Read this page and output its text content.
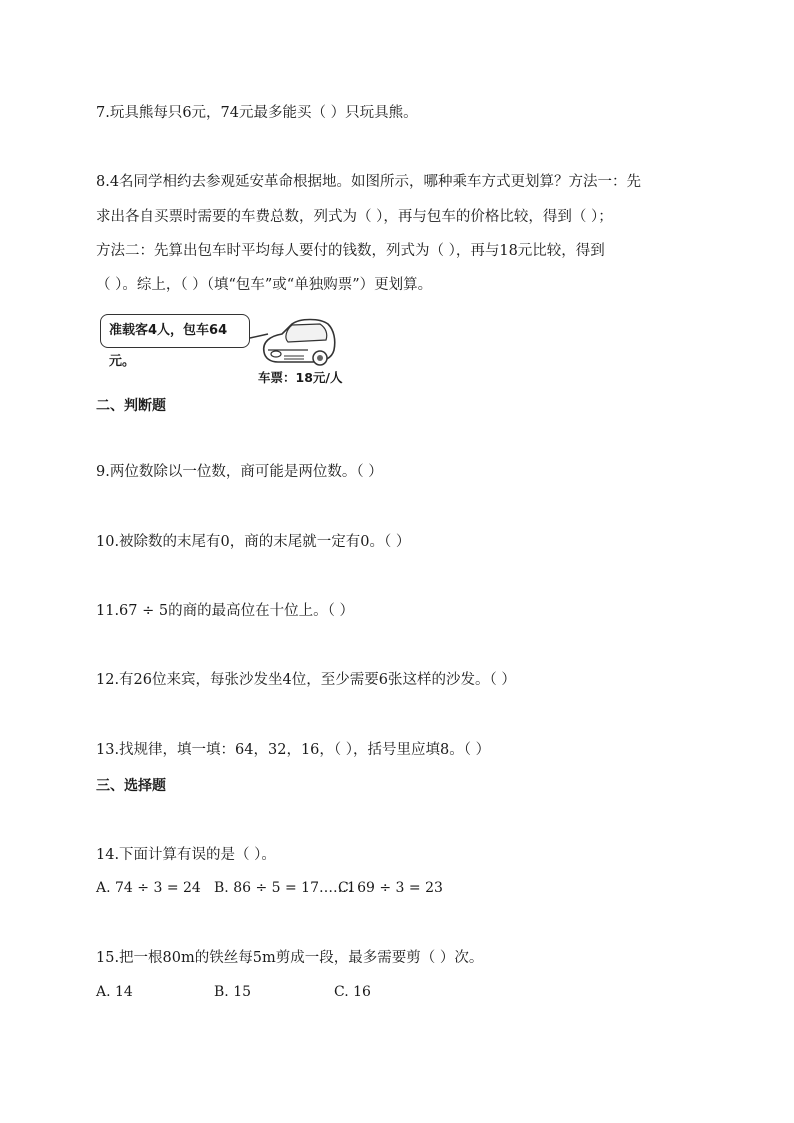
7.玩具熊每只6元，74元最多能买（ ）只玩具熊。
8.4名同学相约去参观延安革命根据地。如图所示，哪种乘车方式更划算？方法一：先
求出各自买票时需要的车费总数，列式为（ ），再与包车的价格比较，得到（ ）；
方法二：先算出包车时平均每人要付的钱数，列式为（ ），再与18元比较，得到
（ ）。综上，（ ）（填“包车”或“单独购票”）更划算。
准载客4人，包车64元。
车票：18元/人
二、判断题
9.两位数除以一位数，商可能是两位数。（ ）
10.被除数的末尾有0，商的末尾就一定有0。（ ）
11.67 ÷ 5的商的最高位在十位上。（ ）
12.有26位来宾，每张沙发坐4位，至少需要6张这样的沙发。（ ）
13.找规律，填一填：64，32，16，（ ），括号里应填8。（ ）
三、选择题
14.下面计算有误的是（ ）。
A. 74 ÷ 3 = 24 B. 86 ÷ 5 = 17……1
C. 69 ÷ 3 = 23
15.把一根80m的铁丝每5m剪成一段，最多需要剪（ ）次。
A. 14	B. 15	C. 16
